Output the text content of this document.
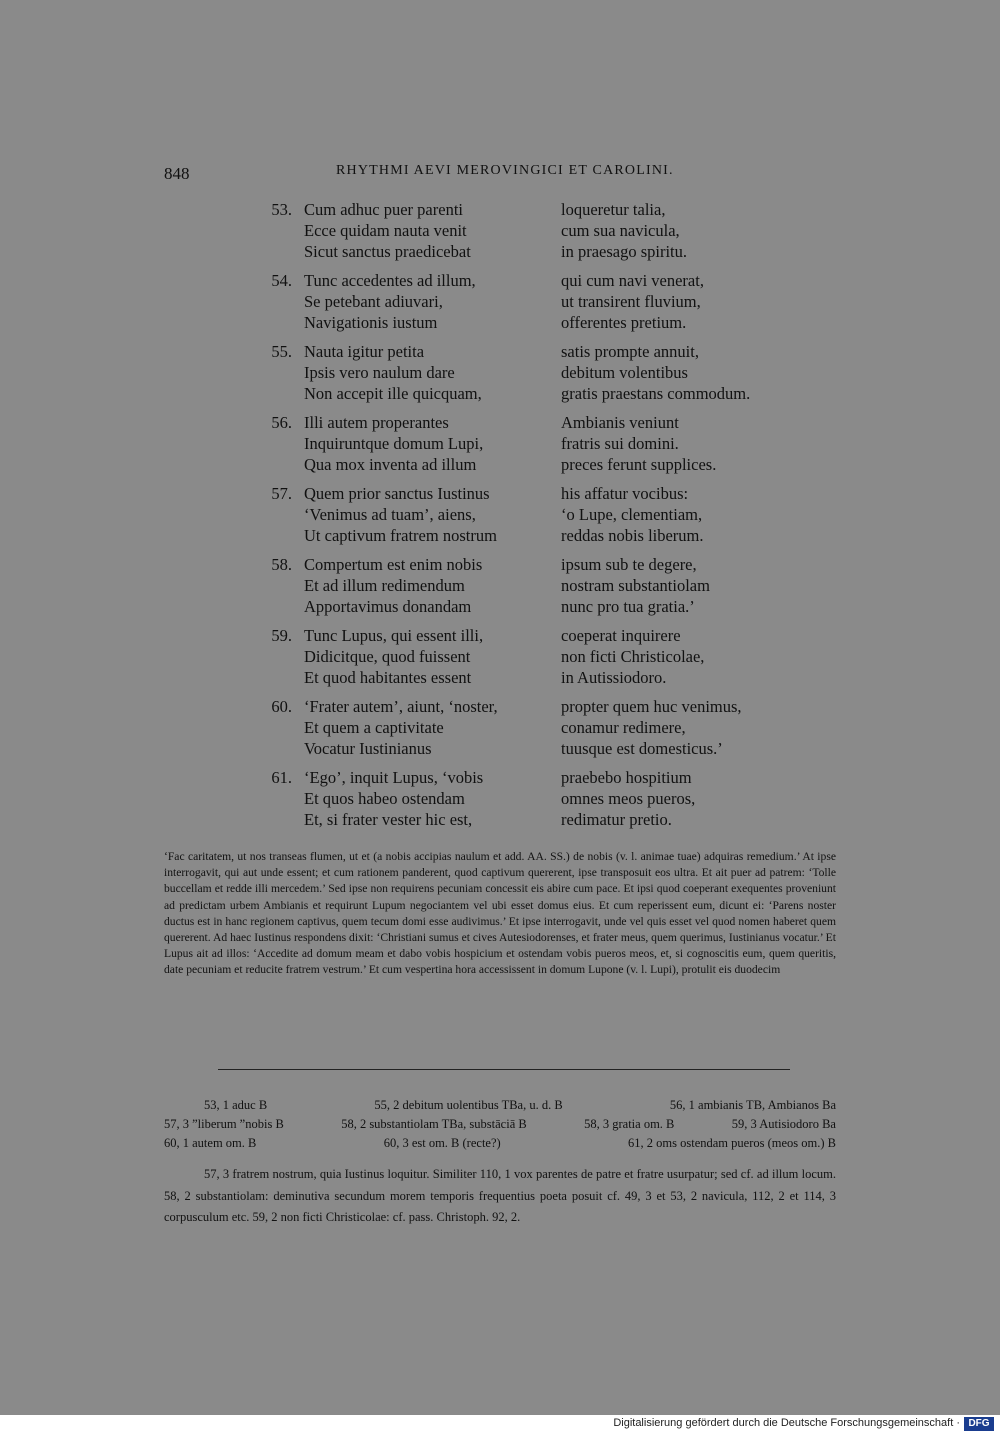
848	RHYTHMI AEVI MEROVINGICI ET CAROLINI.
53. Cum adhuc puer parenti	loqueretur talia,
Ecce quidam nauta venit	cum sua navicula,
Sicut sanctus praedicebat	in praesago spiritu.
54. Tunc accedentes ad illum,	qui cum navi venerat,
Se petebant adiuvari,	ut transirent fluvium,
Navigationis iustum	offerentes pretium.
55. Nauta igitur petita	satis prompte annuit,
Ipsis vero naulum dare	debitum volentibus
Non accepit ille quicquam,	gratis praestans commodum.
56. Illi autem properantes	Ambianis veniunt
Inquiruntque domum Lupi,	fratris sui domini.
Qua mox inventa ad illum	preces ferunt supplices.
57. Quem prior sanctus Iustinus	his affatur vocibus:
‘Venimus ad tuam’, aiens,	‘o Lupe, clementiam,
Ut captivum fratrem nostrum	reddas nobis liberum.
58. Compertum est enim nobis	ipsum sub te degere,
Et ad illum redimendum	nostram substantiolam
Apportavimus donandam	nunc pro tua gratia.’
59. Tunc Lupus, qui essent illi,	coeperat inquirere
Didicitque, quod fuissent	non ficti Christicolae,
Et quod habitantes essent	in Autissiodoro.
60. ‘Frater autem’, aiunt, ‘noster,	propter quem huc venimus,
Et quem a captivitate	conamur redimere,
Vocatur Iustinianus	tuusque est domesticus.’
61. ‘Ego’, inquit Lupus, ‘vobis	praebebo hospitium
Et quos habeo ostendam	omnes meos pueros,
Et, si frater vester hic est,	redimatur pretio.
‘Fac caritatem, ut nos transeas flumen, ut et (a nobis accipias naulum et add. AA. SS.) de nobis (v. l. animae tuae) adquiras remedium.’ At ipse interrogavit, qui aut unde essent; et cum rationem panderent, quod captivum quererent, ipse transposuit eos ultra. Et ait puer ad patrem: ‘Tolle buccellam et redde illi mercedem.’ Sed ipse non requirens pecuniam concessit eis abire cum pace. Et ipsi quod coeperant exequentes proveniunt ad predictam urbem Ambianis et requirunt Lupum negociantem vel ubi esset domus eius. Et cum reperissent eum, dicunt ei: ‘Parens noster ductus est in hanc regionem captivus, quem tecum domi esse audivimus.’ Et ipse interrogavit, unde vel quis esset vel quod nomen haberet quem quererent. Ad haec Iustinus respondens dixit: ‘Christiani sumus et cives Autesiodorenses, et frater meus, quem querimus, Iustinianus vocatur.’ Et Lupus ait ad illos: ‘Accedite ad domum meam et dabo vobis hospicium et ostendam vobis pueros meos, et, si cognoscitis eum, quem queritis, date pecuniam et reducite fratrem vestrum.’ Et cum vespertina hora accessissent in domum Lupone (v. l. Lupi), protulit eis duodecim
53, 1 aduc B	55, 2 debitum uolentibus TBa, u. d. B	56, 1 ambianis TB, Ambianos Ba
57, 3 ”liberum ”nobis B	58, 2 substantiolam TBa, substāciā B	58, 3 gratia om. B	59, 3 Autisiodoro Ba
60, 1 autem om. B	60, 3 est om. B (recte?)	61, 2 oms ostendam pueros (meos om.) B
57, 3 fratrem nostrum, quia Iustinus loquitur. Similiter 110, 1 vox parentes de patre et fratre usurpatur; sed cf. ad illum locum. 58, 2 substantiolam: deminutiva secundum morem temporis frequentius poeta posuit cf. 49, 3 et 53, 2 navicula, 112, 2 et 114, 3 corpusculum etc. 59, 2 non ficti Christicolae: cf. pass. Christoph. 92, 2.
Digitalisierung gefördert durch die Deutsche Forschungsgemeinschaft · DFG
